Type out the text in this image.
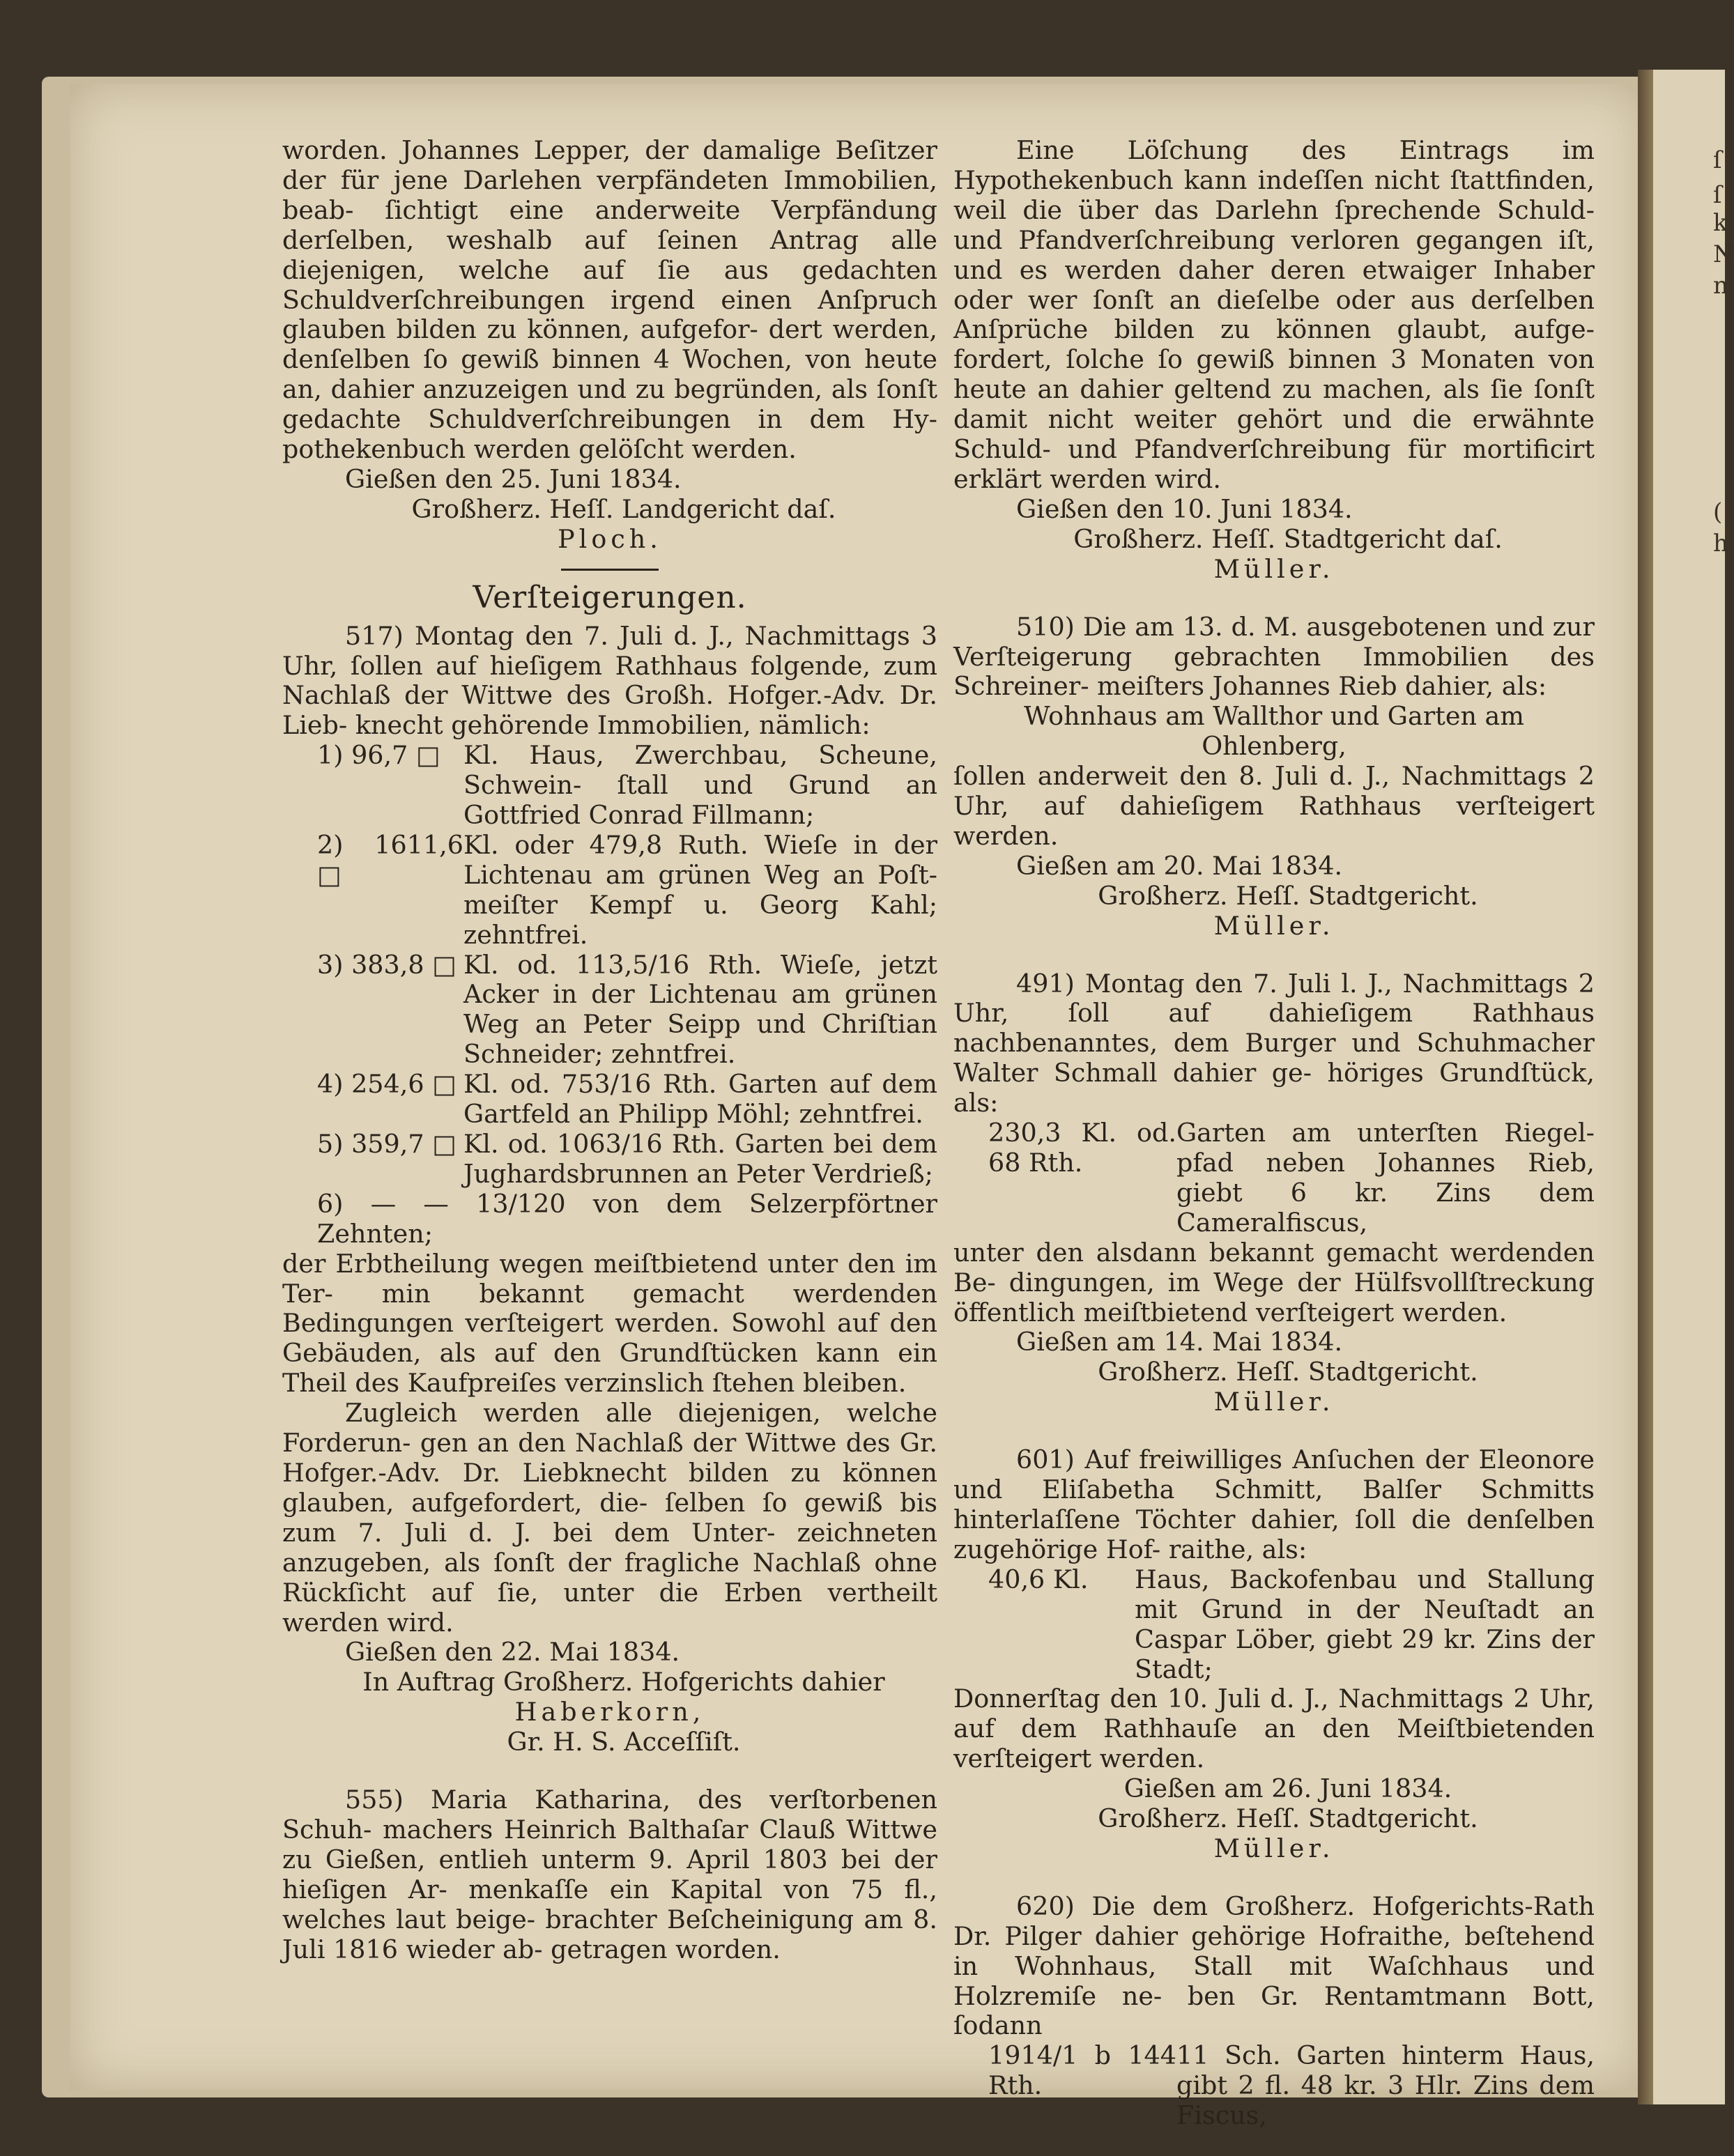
ſ
ſ
k
N
n
(
h

worden. Johannes Lepper, der damalige Beſitzer der für jene Darlehen verpfändeten Immobilien, beab- ſichtigt eine anderweite Verpfändung derſelben, weshalb auf ſeinen Antrag alle diejenigen, welche auf ſie aus gedachten Schuldverſchreibungen irgend einen Anſpruch glauben bilden zu können, aufgefor- dert werden, denſelben ſo gewiß binnen 4 Wochen, von heute an, dahier anzuzeigen und zu begründen, als ſonſt gedachte Schuldverſchreibungen in dem Hy- pothekenbuch werden gelöſcht werden.

Gießen den 25. Juni 1834.

Großherz. Heſſ. Landgericht daſ.

Ploch.

Verſteigerungen.

517) Montag den 7. Juli d. J., Nachmittags 3 Uhr, ſollen auf hieſigem Rathhaus folgende, zum Nachlaß der Wittwe des Großh. Hofger.-Adv. Dr. Lieb- knecht gehörende Immobilien, nämlich:

1) 96,7 □ Kl. Haus, Zwerchbau, Scheune, Schwein- ſtall und Grund an Gottfried Conrad Fillmann;
2) 1611,6 □
Kl. oder 479,8 Ruth. Wieſe in der Lichtenau am grünen Weg an Poſt- meiſter Kempf u. Georg Kahl; zehntfrei.
3) 383,8 □ Kl. od. 113,5/16 Rth. Wieſe, jetzt Acker in der Lichtenau am grünen Weg an Peter Seipp und Chriſtian Schneider; zehntfrei.
4) 254,6 □ Kl. od. 753/16 Rth. Garten auf dem Gartfeld an Philipp Möhl; zehntfrei.
5) 359,7 □ Kl. od. 1063/16 Rth. Garten bei dem Jughardsbrunnen an Peter Verdrieß;

6) — — 13/120 von dem Selzerpförtner Zehnten;

der Erbtheilung wegen meiſtbietend unter den im Ter- min bekannt gemacht werdenden Bedingungen verſteigert werden. Sowohl auf den Gebäuden, als auf den Grundſtücken kann ein Theil des Kaufpreiſes verzinslich ſtehen bleiben.

Zugleich werden alle diejenigen, welche Forderun- gen an den Nachlaß der Wittwe des Gr. Hofger.-Adv. Dr. Liebknecht bilden zu können glauben, aufgefordert, die- ſelben ſo gewiß bis zum 7. Juli d. J. bei dem Unter- zeichneten anzugeben, als ſonſt der fragliche Nachlaß ohne Rückſicht auf ſie, unter die Erben vertheilt werden wird.

Gießen den 22. Mai 1834.

In Auftrag Großherz. Hofgerichts dahier

Haberkorn,

Gr. H. S. Acceſſiſt.

555) Maria Katharina, des verſtorbenen Schuh- machers Heinrich Balthaſar Clauß Wittwe zu Gießen, entlieh unterm 9. April 1803 bei der hieſigen Ar- menkaſſe ein Kapital von 75 fl., welches laut beige- brachter Beſcheinigung am 8. Juli 1816 wieder ab- getragen worden.

Eine Löſchung des Eintrags im Hypothekenbuch kann indeſſen nicht ſtattfinden, weil die über das Darlehn ſprechende Schuld- und Pfandverſchreibung verloren gegangen iſt, und es werden daher deren etwaiger Inhaber oder wer ſonſt an dieſelbe oder aus derſelben Anſprüche bilden zu können glaubt, aufge- fordert, ſolche ſo gewiß binnen 3 Monaten von heute an dahier geltend zu machen, als ſie ſonſt damit nicht weiter gehört und die erwähnte Schuld- und Pfandverſchreibung für mortificirt erklärt werden wird.

Gießen den 10. Juni 1834.

Großherz. Heſſ. Stadtgericht daſ.

Müller.

510) Die am 13. d. M. ausgebotenen und zur Verſteigerung gebrachten Immobilien des Schreiner- meiſters Johannes Rieb dahier, als:

Wohnhaus am Wallthor und Garten am Ohlenberg,

ſollen anderweit den 8. Juli d. J., Nachmittags 2 Uhr, auf dahieſigem Rathhaus verſteigert werden.

Gießen am 20. Mai 1834.

Großherz. Heſſ. Stadtgericht.

Müller.

491) Montag den 7. Juli l. J., Nachmittags 2 Uhr, ſoll auf dahieſigem Rathhaus nachbenanntes, dem Burger und Schuhmacher Walter Schmall dahier ge- höriges Grundſtück, als:

230,3 Kl. od. 68 Rth.
Garten am unterſten Riegel- pfad neben Johannes Rieb, giebt 6 kr. Zins dem Cameralfiscus,

unter den alsdann bekannt gemacht werdenden Be- dingungen, im Wege der Hülfsvollſtreckung öffentlich meiſtbietend verſteigert werden.

Gießen am 14. Mai 1834.

Großherz. Heſſ. Stadtgericht.

Müller.

601) Auf freiwilliges Anſuchen der Eleonore und Eliſabetha Schmitt, Balſer Schmitts hinterlaſſene Töchter dahier, ſoll die denſelben zugehörige Hof- raithe, als:

40,6 Kl.	Haus, Backofenbau und Stallung mit Grund in der Neuſtadt an Caspar Löber, giebt 29 kr. Zins der Stadt;

Donnerſtag den 10. Juli d. J., Nachmittags 2 Uhr, auf dem Rathhauſe an den Meiſtbietenden verſteigert werden.

Gießen am 26. Juni 1834.

Großherz. Heſſ. Stadtgericht.

Müller.

620) Die dem Großherz. Hofgerichts-Rath Dr. Pilger dahier gehörige Hofraithe, beſtehend in Wohnhaus, Stall mit Waſchhaus und Holzremiſe ne- ben Gr. Rentamtmann Bott, ſodann

1914/1 b 144 Rth.
11 Sch. Garten hinterm Haus, gibt 2 fl. 48 kr. 3 Hlr. Zins dem Fiscus,
